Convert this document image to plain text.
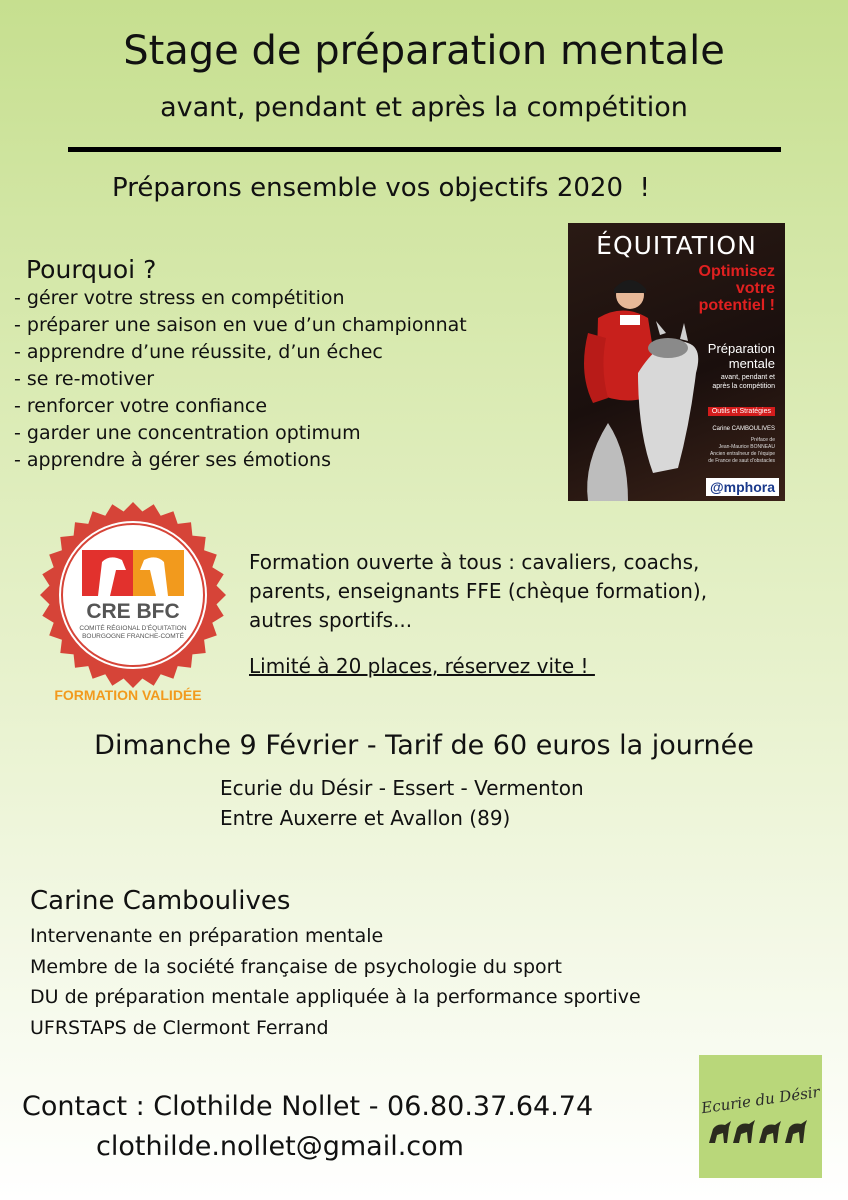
Stage de préparation mentale
avant, pendant et après la compétition
Préparons ensemble vos objectifs 2020  !
Pourquoi ?
- gérer votre stress en compétition
- préparer une saison en vue d’un championnat
- apprendre d’une réussite, d’un échec
- se re-motiver
- renforcer votre confiance
- garder une concentration optimum
- apprendre à gérer ses émotions
ÉQUITATION
Optimisez
votre
potentiel !
Préparation
mentale
avant, pendant et
après la compétition
Outils et Stratégies
Carine CAMBOULIVES
Préface de
Jean-Maurice BONNEAU
Ancien entraîneur de l’équipe
de France de saut d’obstacles
@mphora
CRE BFC
COMITÉ RÉGIONAL D’ÉQUITATION
BOURGOGNE FRANCHE-COMTÉ
FORMATION VALIDÉE
Formation ouverte à tous : cavaliers, coachs,
parents, enseignants FFE (chèque formation),
autres sportifs...
Limité à 20 places, réservez vite !
Dimanche 9 Février - Tarif de 60 euros la journée
Ecurie du Désir - Essert - Vermenton
Entre Auxerre et Avallon (89)
Carine Camboulives
Intervenante en préparation mentale
Membre de la société française de psychologie du sport
DU de préparation mentale appliquée à la performance sportive
UFRSTAPS de Clermont Ferrand
Contact : Clothilde Nollet - 06.80.37.64.74
clothilde.nollet@gmail.com
Ecurie du Désir
